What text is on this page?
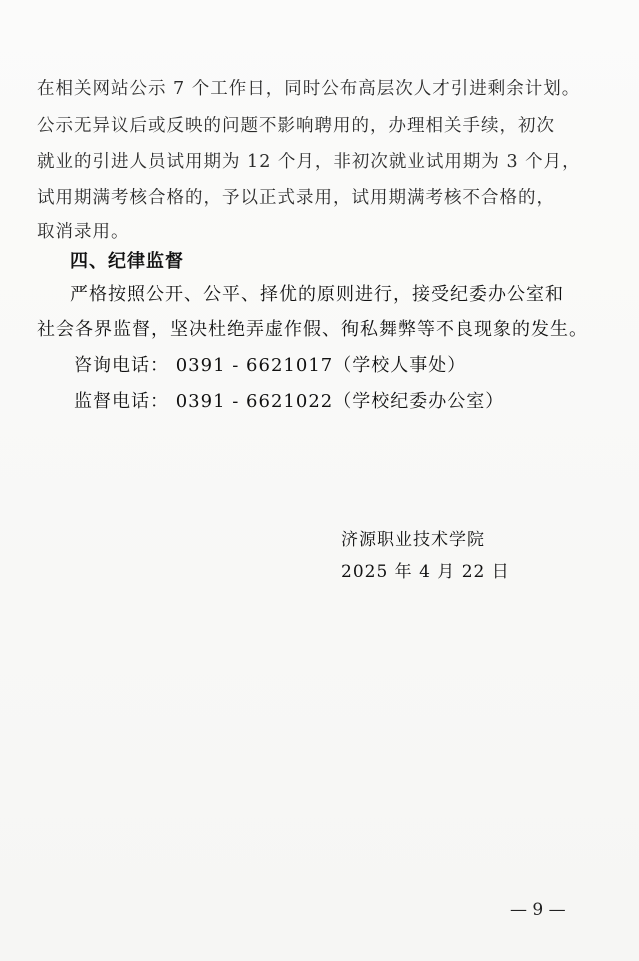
在相关网站公示 7 个工作日，同时公布高层次人才引进剩余计划。
公示无异议后或反映的问题不影响聘用的，办理相关手续，初次
就业的引进人员试用期为 12 个月，非初次就业试用期为 3 个月，
试用期满考核合格的，予以正式录用，试用期满考核不合格的，
取消录用。
四、纪律监督
严格按照公开、公平、择优的原则进行，接受纪委办公室和
社会各界监督，坚决杜绝弄虚作假、徇私舞弊等不良现象的发生。
咨询电话： 0391 - 6621017（学校人事处）
监督电话： 0391 - 6621022（学校纪委办公室）
济源职业技术学院
2025 年 4 月 22 日
— 9 —
